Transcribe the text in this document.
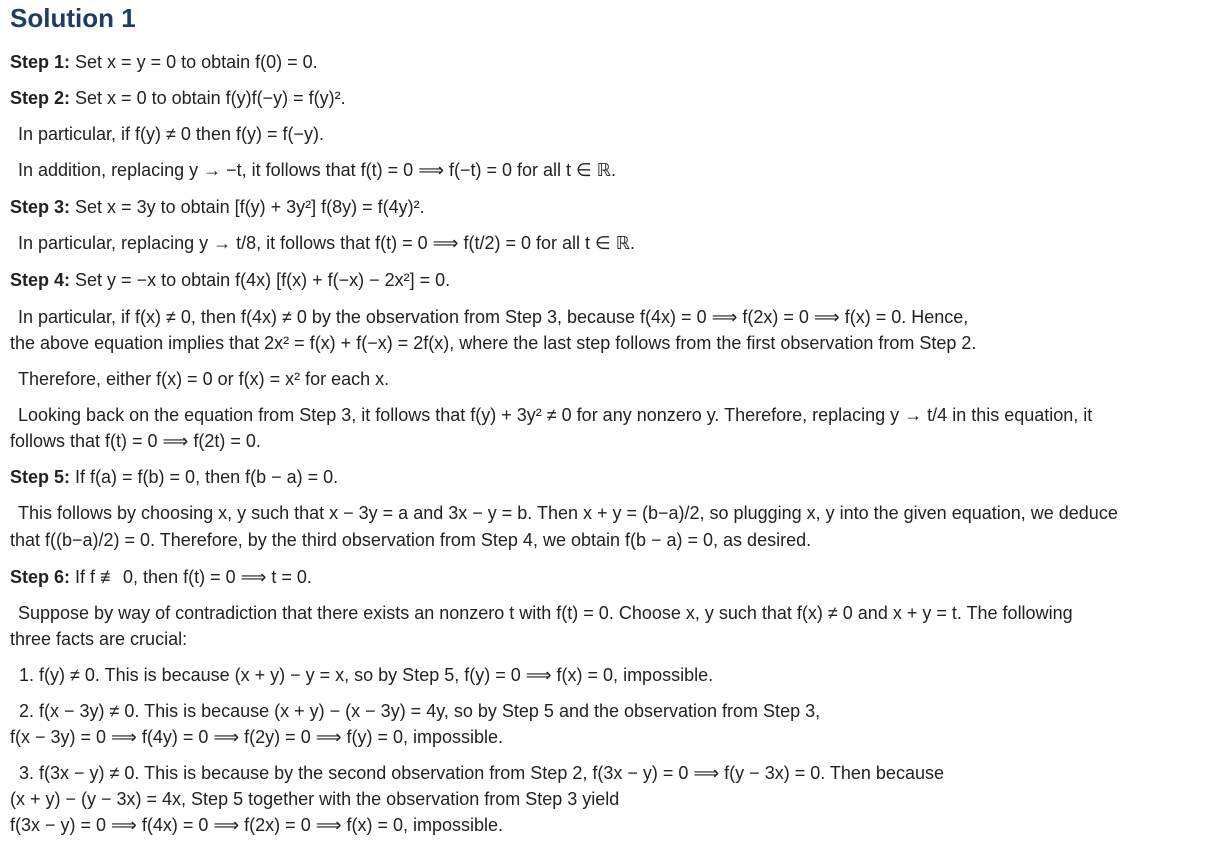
Solution 1
Step 1: Set x = y = 0 to obtain f(0) = 0.
Step 2: Set x = 0 to obtain f(y)f(−y) = f(y)².
In particular, if f(y) ≠ 0 then f(y) = f(−y).
In addition, replacing y → −t, it follows that f(t) = 0 ⟹ f(−t) = 0 for all t ∈ ℝ.
Step 3: Set x = 3y to obtain [f(y) + 3y²] f(8y) = f(4y)².
In particular, replacing y → t/8, it follows that f(t) = 0 ⟹ f(t/2) = 0 for all t ∈ ℝ.
Step 4: Set y = −x to obtain f(4x) [f(x) + f(−x) − 2x²] = 0.
In particular, if f(x) ≠ 0, then f(4x) ≠ 0 by the observation from Step 3, because f(4x) = 0 ⟹ f(2x) = 0 ⟹ f(x) = 0. Hence,
the above equation implies that 2x² = f(x) + f(−x) = 2f(x), where the last step follows from the first observation from Step 2.
Therefore, either f(x) = 0 or f(x) = x² for each x.
Looking back on the equation from Step 3, it follows that f(y) + 3y² ≠ 0 for any nonzero y. Therefore, replacing y → t/4 in this equation, it
follows that f(t) = 0 ⟹ f(2t) = 0.
Step 5: If f(a) = f(b) = 0, then f(b − a) = 0.
This follows by choosing x, y such that x − 3y = a and 3x − y = b. Then x + y = (b−a)/2, so plugging x, y into the given equation, we deduce
that f((b−a)/2) = 0. Therefore, by the third observation from Step 4, we obtain f(b − a) = 0, as desired.
Step 6: If f ≢ 0, then f(t) = 0 ⟹ t = 0.
Suppose by way of contradiction that there exists an nonzero t with f(t) = 0. Choose x, y such that f(x) ≠ 0 and x + y = t. The following
three facts are crucial:
1. f(y) ≠ 0. This is because (x + y) − y = x, so by Step 5, f(y) = 0 ⟹ f(x) = 0, impossible.
2. f(x − 3y) ≠ 0. This is because (x + y) − (x − 3y) = 4y, so by Step 5 and the observation from Step 3,
f(x − 3y) = 0 ⟹ f(4y) = 0 ⟹ f(2y) = 0 ⟹ f(y) = 0, impossible.
3. f(3x − y) ≠ 0. This is because by the second observation from Step 2, f(3x − y) = 0 ⟹ f(y − 3x) = 0. Then because
(x + y) − (y − 3x) = 4x, Step 5 together with the observation from Step 3 yield
f(3x − y) = 0 ⟹ f(4x) = 0 ⟹ f(2x) = 0 ⟹ f(x) = 0, impossible.
